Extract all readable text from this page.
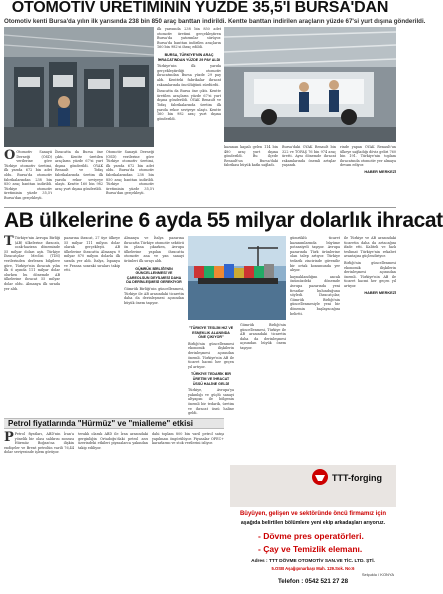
OTOMOTİV ÜRETİMİNİN YÜZDE 35,5'İ BURSA'DAN
Otomotiv kenti Bursa'da yılın ilk yarısında 238 bin 850 araç banttan indirildi. Kentte banttan indirilen araçların yüzde 67'si yurt dışına gönderildi.
O Otomotiv Sanayii Derneği (OSD) verilerine göre Türkiye otomotiv üretimi, ilk yarıda 672 bin adet oldu. Bursa'da otomotiv fabrikalarından 238 bin 850 araç banttan indirildi. Türkiye otomotiv üretiminin yüzde 35,5'i Bursa'dan gerçekleşti.
İhracatta da Bursa öne çıktı. Kentte üretilen araçların yüzde 67'si yurt dışına gönderildi. OYAK Renault ve Tofaş fabrikalarında üretim ilk yarıda rekor seviyeye ulaştı. Kentte 160 bin 982 araç yurt dışına gönderildi.
Otomotiv Sanayii Derneği (OSD) verilerine göre Türkiye otomotiv üretimi, ilk yarıda 672 bin adet oldu. Bursa'da otomotiv fabrikalarından 238 bin 850 araç banttan indirildi. Türkiye otomotiv üretiminin yüzde 35,5'i Bursa'dan gerçekleşti.
ilk yarısında 238 bin 850 adet otomotiv üretimi gerçekleştiren Bursa'da yatırımlar sürüyor. Bursa'da banttan indirilen araçların 160 bin 982'si ihraç edildi.
BURSA, TÜRKİYE'NİN ARAÇ İHRACATINDAN YÜZDE 29 PAY ALDI
Türkiye'nin ilk yarıda gerçekleştirdiği otomotiv ihracatından Bursa yüzde 29 pay aldı. Kentteki fabrikalar ihracat rakamlarında öncülüğünü sürdürdü.
İhracatta da Bursa öne çıktı. Kentte üretilen araçların yüzde 67'si yurt dışına gönderildi. OYAK Renault ve Tofaş fabrikalarında üretim ilk yarıda rekor seviyeye ulaştı. Kentte 160 bin 982 araç yurt dışına gönderildi.
kazanan kapalı gelen 114 bin 480 araç yurt dışına gönderildi. Bu ilçede Renault'un Bursa'daki fabrikası büyük katkı sağladı.
Bursa'daki OYAK Renault bin 322 ve TOFAŞ 76 bin 974 araç üretti. Aynı dönemde ihracat rakamlarında önemli artışlar yaşandı.
rinde yapan OYAK Renault'un ülkeye sağladığı döviz geliri 760 bin 191. Türkiye'nin toplam ihracatında otomotiv yer almaya devam ediyor.
HABER MERKEZİ
AB ülkelerine 6 ayda 55 milyar dolarlık ihracat
T Türkiye'nin Avrupa Birliği (AB) ülkelerine ihracatı, ocak-haziran döneminde 55 milyar doları aştı. Türkiye İhracatçılar Meclisi (TİM) verilerinden derlenen bilgilere göre, Türkiye'nin ihracatı yılın ilk 6 ayında 111 milyar dolar olurken bu dönemde AB ülkelerine ihracat 55 milyar dolar oldu. Almanya ilk sırada yer aldı.
pazarına ihracat, 27 üye ülkeye 55 milyar 111 milyon dolar olarak gerçekleşti. AB ülkelerine ihracatta Almanya 9 milyar 870 milyon dolarla ilk sırada yer aldı. İtalya, İspanya ve Fransa sonraki sıraları takip etti.
Almanya ve İtalya pazarına ihracatta Türkiye otomotiv sektörü ön plana çıkarken, Avrupa ülkelerine yapılan ihracatta otomotiv ana ve yan sanayi ürünleri ilk sırayı aldı.
GÜMRÜK BİRLİĞİ'NİN GÜNCELLENMESİ VE ÇAREOLSUN DEYİLMESİ DAHA DA DERİNLEŞMESİ GEREKİYOR
Gümrük Birliği'nin güncellenmesi, Türkiye ile AB arasındaki ticaretin daha da derinleşmesi açısından büyük önem taşıyor.
"TÜRKİYE TESLİM HIZ VE ESNEKLIK ALANINDA ÖNE ÇIKIYOR"
Birliği'nin güncellenmesi ekonomik ilişkilerin derinleşmesi açısından önemli. Türkiye'nin AB ile ticaret hacmi her geçen yıl artıyor.
TÜRKİYE TEDARİK BİR ÜRETİM VE İHRACAT ÜSSÜ HALİNE GELDİ
Türkiye, Avrupa'ya yakınlığı ve güçlü sanayi altyapısı ile bölgenin önemli bir tedarik, üretim ve ihracat üssü haline geldi.
Gümrük Birliği'nin güncellenmesi, Türkiye ile AB arasındaki ticaretin daha da derinleşmesi açısından büyük önem taşıyor.
gümrüklü ticaret kazanımlarında büyüme potansiyeli taşıyor. Avrupa pazarında Türk ürünlerine olan talep artıyor. Türkiye tedarik zincirinde güvenilir bir ortak konumunda yer alıyor.
kaynaklandığını ancak önümüzdeki dönemde Avrupa pazarında yeni fırsatlar bulunduğunu söyledi. İhracatçılar, Gümrük Birliği'nin güncellenmesiyle yeni bir dönemin başlayacağını belirtti.
ile Türkiye ve AB arasındaki ticaretin daha da artacağını ifade etti. Kaliteli ve hızlı teslimat Türkiye'nin rekabet avantajını güçlendiriyor.
Birliği'nin güncellenmesi ekonomik ilişkilerin derinleşmesi açısından önemli. Türkiye'nin AB ile ticaret hacmi her geçen yıl artıyor.
HABER MERKEZİ
Petrol fiyatlarında "Hürmüz" ve "mialleme" etkisi
P Petrol fiyatları, ABD'nin İran'a yönelik bir olası saldırısı sonrası Hürmüz Boğazı'na ilişkin endişeler ve Brent petrolün varili 76,44 dolar seviyesinde işlem görüyor.
teraklı olarak ABD ile İran arasındaki gerginliğin Ortadoğu'daki petrol arzı üzerindeki etkileri piyasalarca yakından takip ediliyor.
dahi toplam 800 bin varil petrol satışı yapılması öngörülüyor. Piyasalar OPEC+ kararlarını ve stok verilerini izliyor.
TTT-forging
Büyüyen, gelişen ve sektöründe öncü firmamız için
aşağıda belirtilen bölümlere yeni ekip arkadaşları arıyoruz.
- Dövme pres operatörleri.
- Çay ve Temizlik elemanı.
Adres : TTT DÖVME OTOMOTİV SAN.VE TİC. LTD. ŞTİ.
5.OSB Aşağıpınarbaşı Mah. 129.Sok. No:6
Selçuklu / KONYA
Telefon : 0542 521 27 28
